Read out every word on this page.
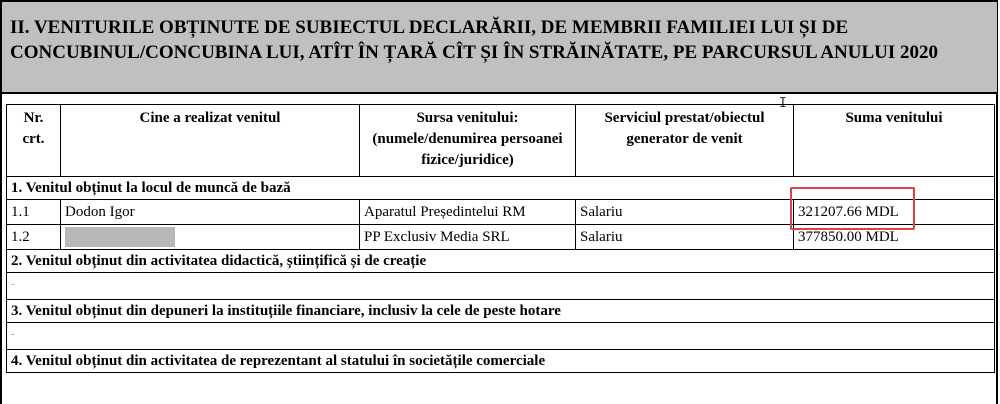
II. VENITURILE OBȚINUTE DE SUBIECTUL DECLARĂRII, DE MEMBRII FAMILIEI LUI ȘI DE CONCUBINUL/CONCUBINA LUI, ATÎT ÎN ȚARĂ CÎT ȘI ÎN STRĂINĂTATE, PE PARCURSUL ANULUI 2020

I
Nr. crt.	Cine a realizat venitul	Sursa venitului: (numele/denumirea persoanei fizice/juridice)	Serviciul prestat/obiectul generator de venit	Suma venitului
1. Venitul obținut la locul de muncă de bază				
1.1	Dodon Igor	Aparatul Președintelui RM	Salariu	321207.66 MDL
1.2		PP Exclusiv Media SRL	Salariu	377850.00 MDL
2. Venitul obținut din activitatea didactică, științifică și de creație				
-				
3. Venitul obținut din depuneri la instituțiile financiare, inclusiv la cele de peste hotare				
-				
4. Venitul obținut din activitatea de reprezentant al statului în societățile comerciale				
